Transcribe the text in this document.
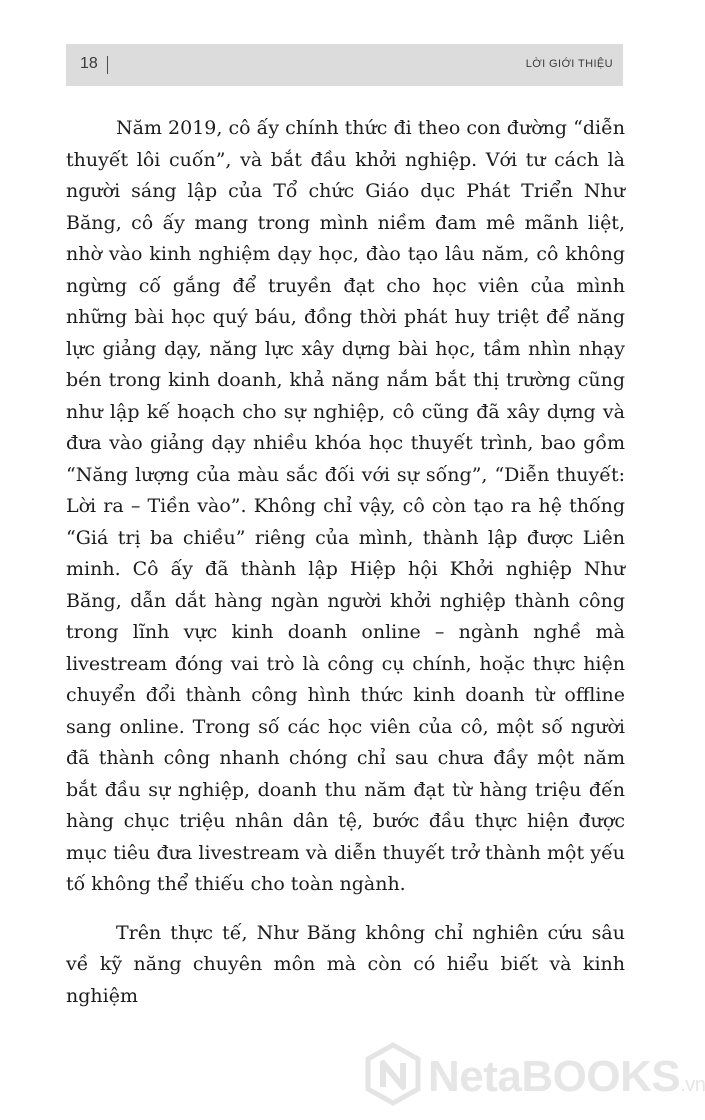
18	LỜI GIỚI THIỆU

Năm 2019, cô ấy chính thức đi theo con đường “diễn thuyết lôi cuốn”, và bắt đầu khởi nghiệp. Với tư cách là người sáng lập của Tổ chức Giáo dục Phát Triển Như Băng, cô ấy mang trong mình niềm đam mê mãnh liệt, nhờ vào kinh nghiệm dạy học, đào tạo lâu năm, cô không ngừng cố gắng để truyền đạt cho học viên của mình những bài học quý báu, đồng thời phát huy triệt để năng lực giảng dạy, năng lực xây dựng bài học, tầm nhìn nhạy bén trong kinh doanh, khả năng nắm bắt thị trường cũng như lập kế hoạch cho sự nghiệp, cô cũng đã xây dựng và đưa vào giảng dạy nhiều khóa học thuyết trình, bao gồm “Năng lượng của màu sắc đối với sự sống”, “Diễn thuyết: Lời ra – Tiền vào”. Không chỉ vậy, cô còn tạo ra hệ thống “Giá trị ba chiều” riêng của mình, thành lập được Liên minh. Cô ấy đã thành lập Hiệp hội Khởi nghiệp Như Băng, dẫn dắt hàng ngàn người khởi nghiệp thành công trong lĩnh vực kinh doanh online – ngành nghề mà livestream đóng vai trò là công cụ chính, hoặc thực hiện chuyển đổi thành công hình thức kinh doanh từ offline sang online. Trong số các học viên của cô, một số người đã thành công nhanh chóng chỉ sau chưa đầy một năm bắt đầu sự nghiệp, doanh thu năm đạt từ hàng triệu đến hàng chục triệu nhân dân tệ, bước đầu thực hiện được mục tiêu đưa livestream và diễn thuyết trở thành một yếu tố không thể thiếu cho toàn ngành.

Trên thực tế, Như Băng không chỉ nghiên cứu sâu về kỹ năng chuyên môn mà còn có hiểu biết và kinh nghiệm

NetaBOOKS.vn
